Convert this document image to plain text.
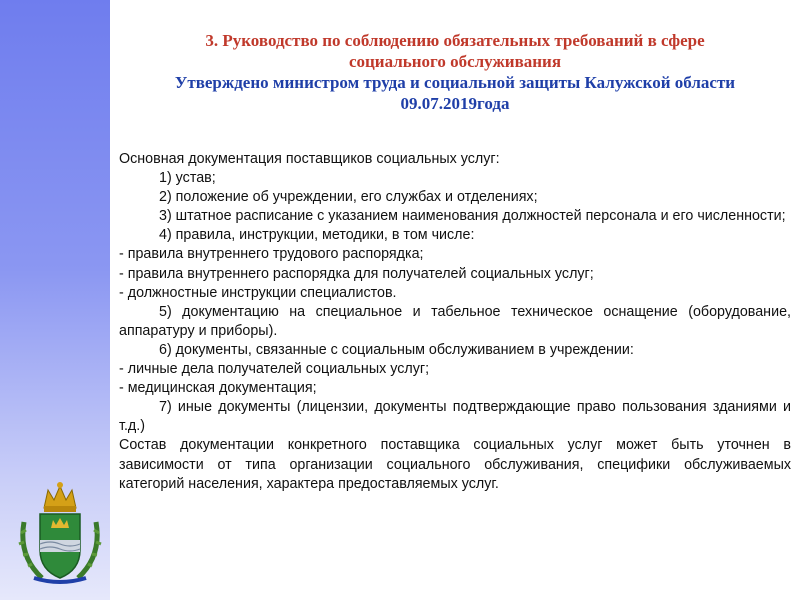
3. Руководство по соблюдению обязательных требований в сфере
социального обслуживания
Утверждено министром труда и социальной защиты Калужской области
09.07.2019года

Основная документация поставщиков социальных услуг:

1) устав;

2) положение об учреждении, его службах и отделениях;

3) штатное расписание с указанием наименования должностей персонала и его численности;

4) правила, инструкции, методики, в том числе:

- правила внутреннего трудового распорядка;

- правила внутреннего распорядка для получателей социальных услуг;

- должностные инструкции специалистов.

5) документацию на специальное и табельное техническое оснащение (оборудование, аппаратуру и приборы).

6) документы, связанные с социальным обслуживанием в учреждении:

- личные дела получателей социальных услуг;

- медицинская документация;

7) иные документы (лицензии, документы подтверждающие право пользования зданиями и т.д.)

Состав документации конкретного поставщика социальных услуг может быть уточнен в зависимости от типа организации социального обслуживания, специфики обслуживаемых категорий населения, характера предоставляемых услуг.
